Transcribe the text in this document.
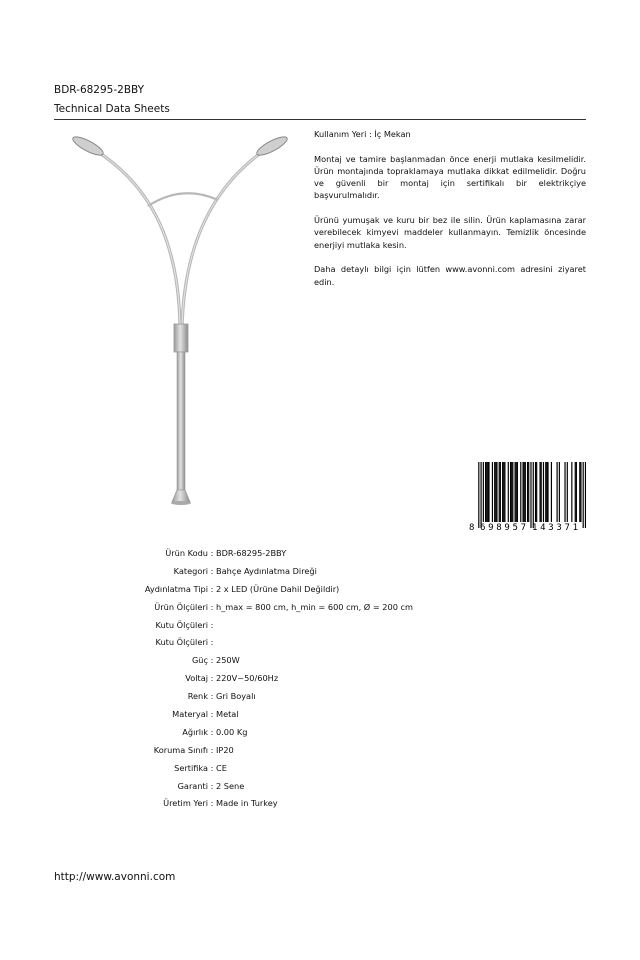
BDR-68295-2BBY
Technical Data Sheets

Kullanım Yeri : İç Mekan

Montaj ve tamire başlanmadan önce enerji mutlaka kesilmelidir. Ürün montajında topraklamaya mutlaka dikkat edilmelidir. Doğru ve güvenli bir montaj için sertifikalı bir elektrikçiye başvurulmalıdır.

Ürünü yumuşak ve kuru bir bez ile silin. Ürün kaplamasına zarar verebilecek kimyevi maddeler kullanmayın. Temizlik öncesinde enerjiyi mutlaka kesin.

Daha detaylı bilgi için lütfen www.avonni.com adresini ziyaret edin.

8 698957 143371
Ürün Kodu : BDR-68295-2BBY
Kategori : Bahçe Aydınlatma Direği
Aydınlatma Tipi : 2 x LED (Ürüne Dahil Değildir)
Ürün Ölçüleri : h_max = 800 cm, h_min = 600 cm, Ø = 200 cm
Kutu Ölçüleri :
Kutu Ölçüleri :
Güç : 250W
Voltaj : 220V~50/60Hz
Renk : Gri Boyalı
Materyal : Metal
Ağırlık : 0.00 Kg
Koruma Sınıfı : IP20
Sertifika : CE
Garanti : 2 Sene
Üretim Yeri : Made in Turkey
http://www.avonni.com
